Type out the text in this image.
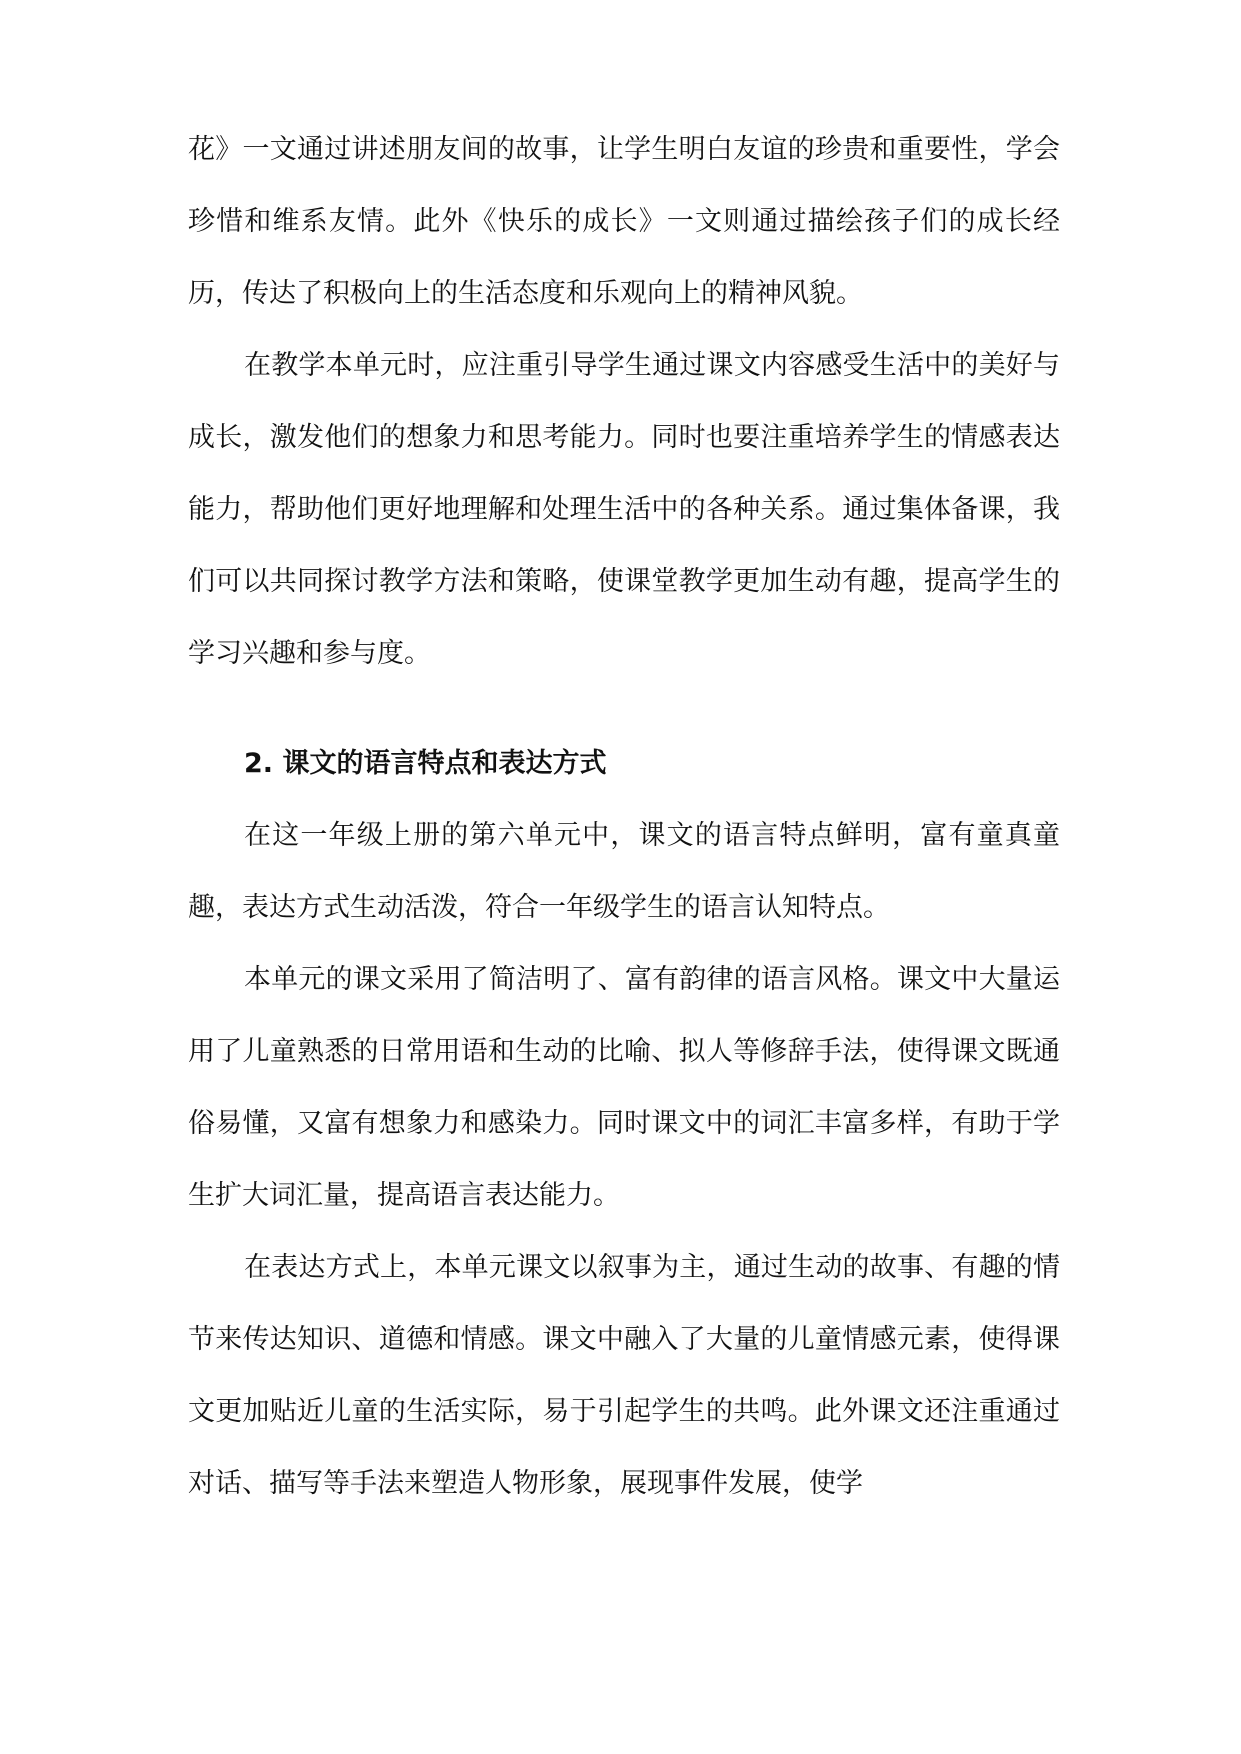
花》一文通过讲述朋友间的故事，让学生明白友谊的珍贵和重要性，学会珍惜和维系友情。此外《快乐的成长》一文则通过描绘孩子们的成长经历，传达了积极向上的生活态度和乐观向上的精神风貌。

在教学本单元时，应注重引导学生通过课文内容感受生活中的美好与成长，激发他们的想象力和思考能力。同时也要注重培养学生的情感表达能力，帮助他们更好地理解和处理生活中的各种关系。通过集体备课，我们可以共同探讨教学方法和策略，使课堂教学更加生动有趣，提高学生的学习兴趣和参与度。

2. 课文的语言特点和表达方式

在这一年级上册的第六单元中，课文的语言特点鲜明，富有童真童趣，表达方式生动活泼，符合一年级学生的语言认知特点。

本单元的课文采用了简洁明了、富有韵律的语言风格。课文中大量运用了儿童熟悉的日常用语和生动的比喻、拟人等修辞手法，使得课文既通俗易懂，又富有想象力和感染力。同时课文中的词汇丰富多样，有助于学生扩大词汇量，提高语言表达能力。

在表达方式上，本单元课文以叙事为主，通过生动的故事、有趣的情节来传达知识、道德和情感。课文中融入了大量的儿童情感元素，使得课文更加贴近儿童的生活实际，易于引起学生的共鸣。此外课文还注重通过对话、描写等手法来塑造人物形象，展现事件发展，使学
